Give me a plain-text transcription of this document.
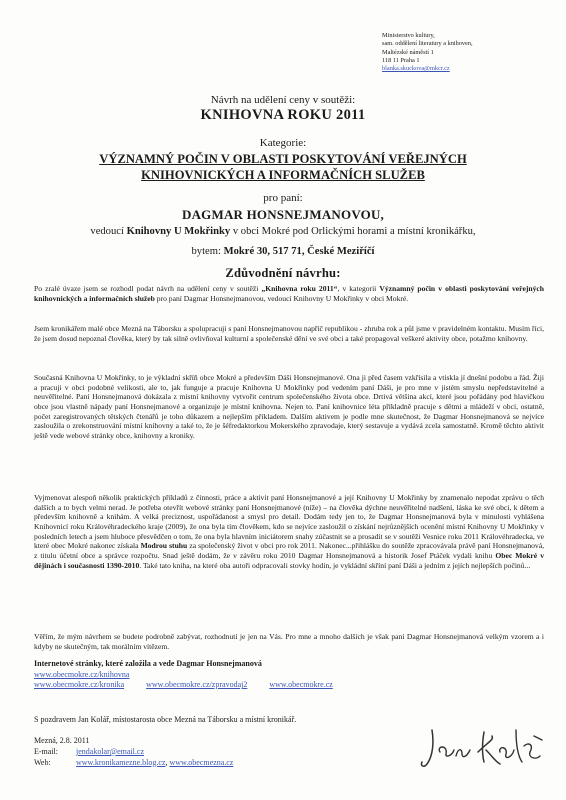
Ministerstvo kultury,
sam. oddělení literatury a knihoven,
Maltézské náměstí 1
118 11 Praha 1
blanka.skuckova@mkcr.cz
Návrh na udělení ceny v soutěži:
KNIHOVNA ROKU 2011
Kategorie:
VÝZNAMNÝ POČIN V OBLASTI POSKYTOVÁNÍ VEŘEJNÝCH
KNIHOVNICKÝCH A INFORMAČNÍCH SLUŽEB
pro paní:
DAGMAR HONSNEJMANOVOU,
vedoucí Knihovny U Mokřinky v obci Mokré pod Orlickými horami a místní kronikářku,
bytem: Mokré 30, 517 71, České Meziříčí
Zdůvodnění návrhu:

Po zralé úvaze jsem se rozhodl podat návrh na udělení ceny v soutěži „Knihovna roku 2011“, v kategorii Významný počin v oblasti poskytování veřejných knihovnických a informačních služeb pro paní Dagmar Honsnejmanovou, vedoucí Knihovny U Mokřinky v obci Mokré.

Jsem kronikářem malé obce Mezná na Táborsku a spolupracuji s paní Honsnejmanovou napříč republikou - zhruba rok a půl jsme v pravidelném kontaktu. Musím říci, že jsem dosud nepoznal člověka, který by tak silně ovlivňoval kulturní a společenské dění ve své obci a také propagoval veškeré aktivity obce, potažmo knihovny.

Současná Knihovna U Mokřinky, to je výkladní skříň obce Mokré a především Dáši Honsnejmanové. Ona ji před časem vzkřísila a vtiskla jí dnešní podobu a řád. Žiji a pracuji v obci podobné velikosti, ale to, jak funguje a pracuje Knihovna U Mokřinky pod vedením paní Dáši, je pro mne v jistém smyslu nepředstavitelné a neuvěřitelné. Paní Honsnejmanová dokázala z místní knihovny vytvořit centrum společenského života obce. Drtivá většina akcí, které jsou pořádány pod hlavičkou obce jsou vlastně nápady paní Honsnejmanové a organizuje je místní knihovna. Nejen to. Paní knihovnice léta příkladně pracuje s dětmi a mládeží v obci, ostatně, počet zaregistrovaných tětských čtenářů je toho důkazem a nejlepším příkladem. Dalším aktivem je podle mne skutečnost, že Dagmar Honsnejmanová se nejvíce zasloužila o zrekonstruování místní knihovny a také to, že je šéfredaktorkou Mokerského zpravodaje, který sestavuje a vydává zcela samostatně. Kromě těchto aktivit ještě vede webové stránky obce, knihovny a kroniky.

Vyjmenovat alespoň několik praktických příkladů z činnosti, práce a aktivit paní Honsnejmanové a její Knihovny U Mokřinky by znamenalo nepodat zprávu o těch dalších a to bych velmi nerad. Je potřeba otevřít webové stránky paní Honsnejmanové (níže) – na člověka dýchne neuvěřitelné nadšení, láska ke své obci, k dětem a především knihovně a knihám. A velká preciznost, uspořádanost a smysl pro detail. Dodám tedy jen to, že Dagmar Honsnejmanová byla v minulosti vyhlášena Knihovnicí roku Královéhradeckého kraje (2009), že ona byla tím člověkem, kdo se nejvíce zasloužil o získání nejrůznějších ocenění místní Knihovny U Mokřinky v posledních letech a jsem hluboce přesvědčen o tom, že ona byla hlavním iniciátorem snahy zúčastnit se a prosadit se v soutěži Vesnice roku 2011 Královéhradecka, ve které obec Mokré nakonec získala Modrou stuhu za společenský život v obci pro rok 2011. Nakonec...přihlášku do soutěže zpracovávala právě paní Honsnejmanová, z titulu účetní obce a správce rozpočtu. Snad ještě dodám, že v závěru roku 2010 Dagmar Honsnejmanová a historik Josef Ptáček vydali knihu Obec Mokré v dějinách i současnosti 1390-2010. Také tato kniha, na které oba autoři odpracovali stovky hodin, je vykládní skříní paní Dáši a jedním z jejích nejlepších počinů...

Věřím, že mým návrhem se budete podrobně zabývat, rozhodnutí je jen na Vás. Pro mne a mnoho dalších je však paní Dagmar Honsnejmanová velkým vzorem a i kdyby ne skutečným, tak morálním vítězem.

Internetové stránky, které založila a vede Dagmar Honsnejmanová
www.obecmokre.cz/knihovna
www.obecmokre.cz/kronika	www.obecmokre.cz/zpravodaj2	www.obecmokre.cz
S pozdravem Jan Kolář, místostarosta obce Mezná na Táborsku a místní kronikář.
Mezná, 2.8. 2011
E-mail: jendakolar@email.cz
Web:	www.kronikamezne.blog.cz, www.obecmezna.cz
